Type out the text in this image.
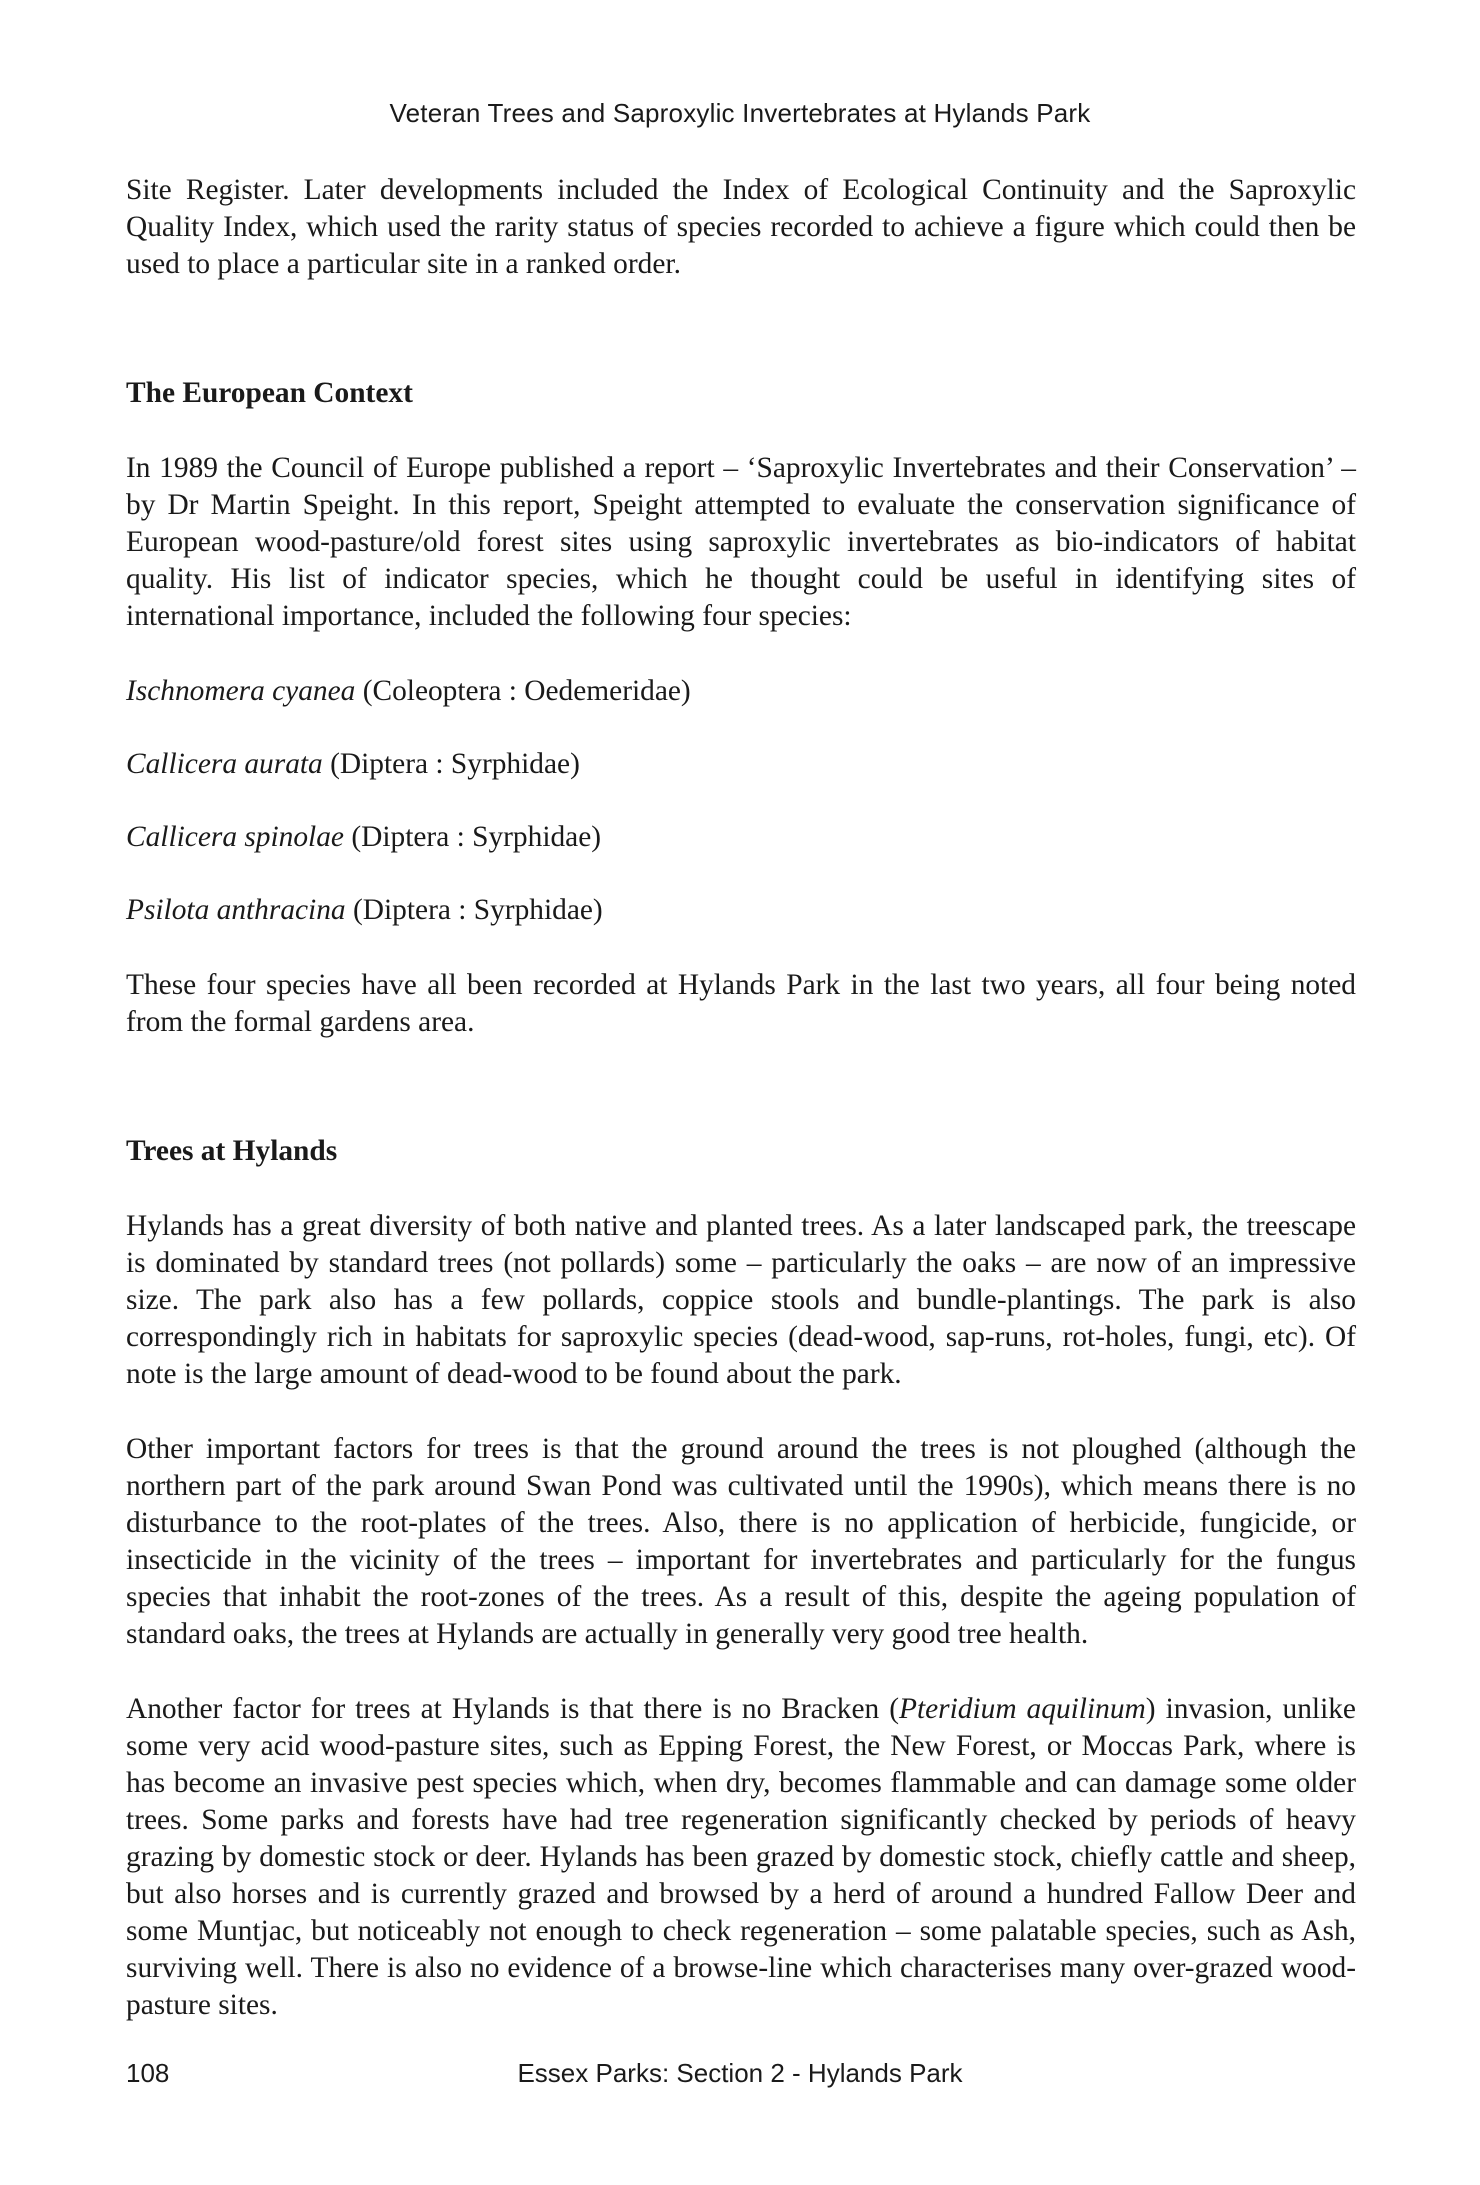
Veteran Trees and Saproxylic Invertebrates at Hylands Park

Site Register. Later developments included the Index of Ecological Continuity and the Saproxylic Quality Index, which used the rarity status of species recorded to achieve a figure which could then be used to place a particular site in a ranked order.

The European Context

In 1989 the Council of Europe published a report – ‘Saproxylic Invertebrates and their Conservation’ – by Dr Martin Speight. In this report, Speight attempted to evaluate the conservation significance of European wood-pasture/old forest sites using saproxylic invertebrates as bio-indicators of habitat quality. His list of indicator species, which he thought could be useful in identifying sites of international importance, included the following four species:

Ischnomera cyanea (Coleoptera : Oedemeridae)
Callicera aurata (Diptera : Syrphidae)
Callicera spinolae (Diptera : Syrphidae)
Psilota anthracina (Diptera : Syrphidae)

These four species have all been recorded at Hylands Park in the last two years, all four being noted from the formal gardens area.

Trees at Hylands

Hylands has a great diversity of both native and planted trees. As a later landscaped park, the treescape is dominated by standard trees (not pollards) some – particularly the oaks – are now of an impressive size. The park also has a few pollards, coppice stools and bundle-plantings. The park is also correspondingly rich in habitats for saproxylic species (dead-wood, sap-runs, rot-holes, fungi, etc). Of note is the large amount of dead-wood to be found about the park.

Other important factors for trees is that the ground around the trees is not ploughed (although the northern part of the park around Swan Pond was cultivated until the 1990s), which means there is no disturbance to the root-plates of the trees. Also, there is no application of herbicide, fungicide, or insecticide in the vicinity of the trees – important for invertebrates and particularly for the fungus species that inhabit the root-zones of the trees. As a result of this, despite the ageing population of standard oaks, the trees at Hylands are actually in generally very good tree health.

Another factor for trees at Hylands is that there is no Bracken (Pteridium aquilinum) invasion, unlike some very acid wood-pasture sites, such as Epping Forest, the New Forest, or Moccas Park, where is has become an invasive pest species which, when dry, becomes flammable and can damage some older trees. Some parks and forests have had tree regeneration significantly checked by periods of heavy grazing by domestic stock or deer. Hylands has been grazed by domestic stock, chiefly cattle and sheep, but also horses and is currently grazed and browsed by a herd of around a hundred Fallow Deer and some Muntjac, but noticeably not enough to check regeneration – some palatable species, such as Ash, surviving well. There is also no evidence of a browse-line which characterises many over-grazed wood-pasture sites.

108	Essex Parks: Section 2 - Hylands Park
